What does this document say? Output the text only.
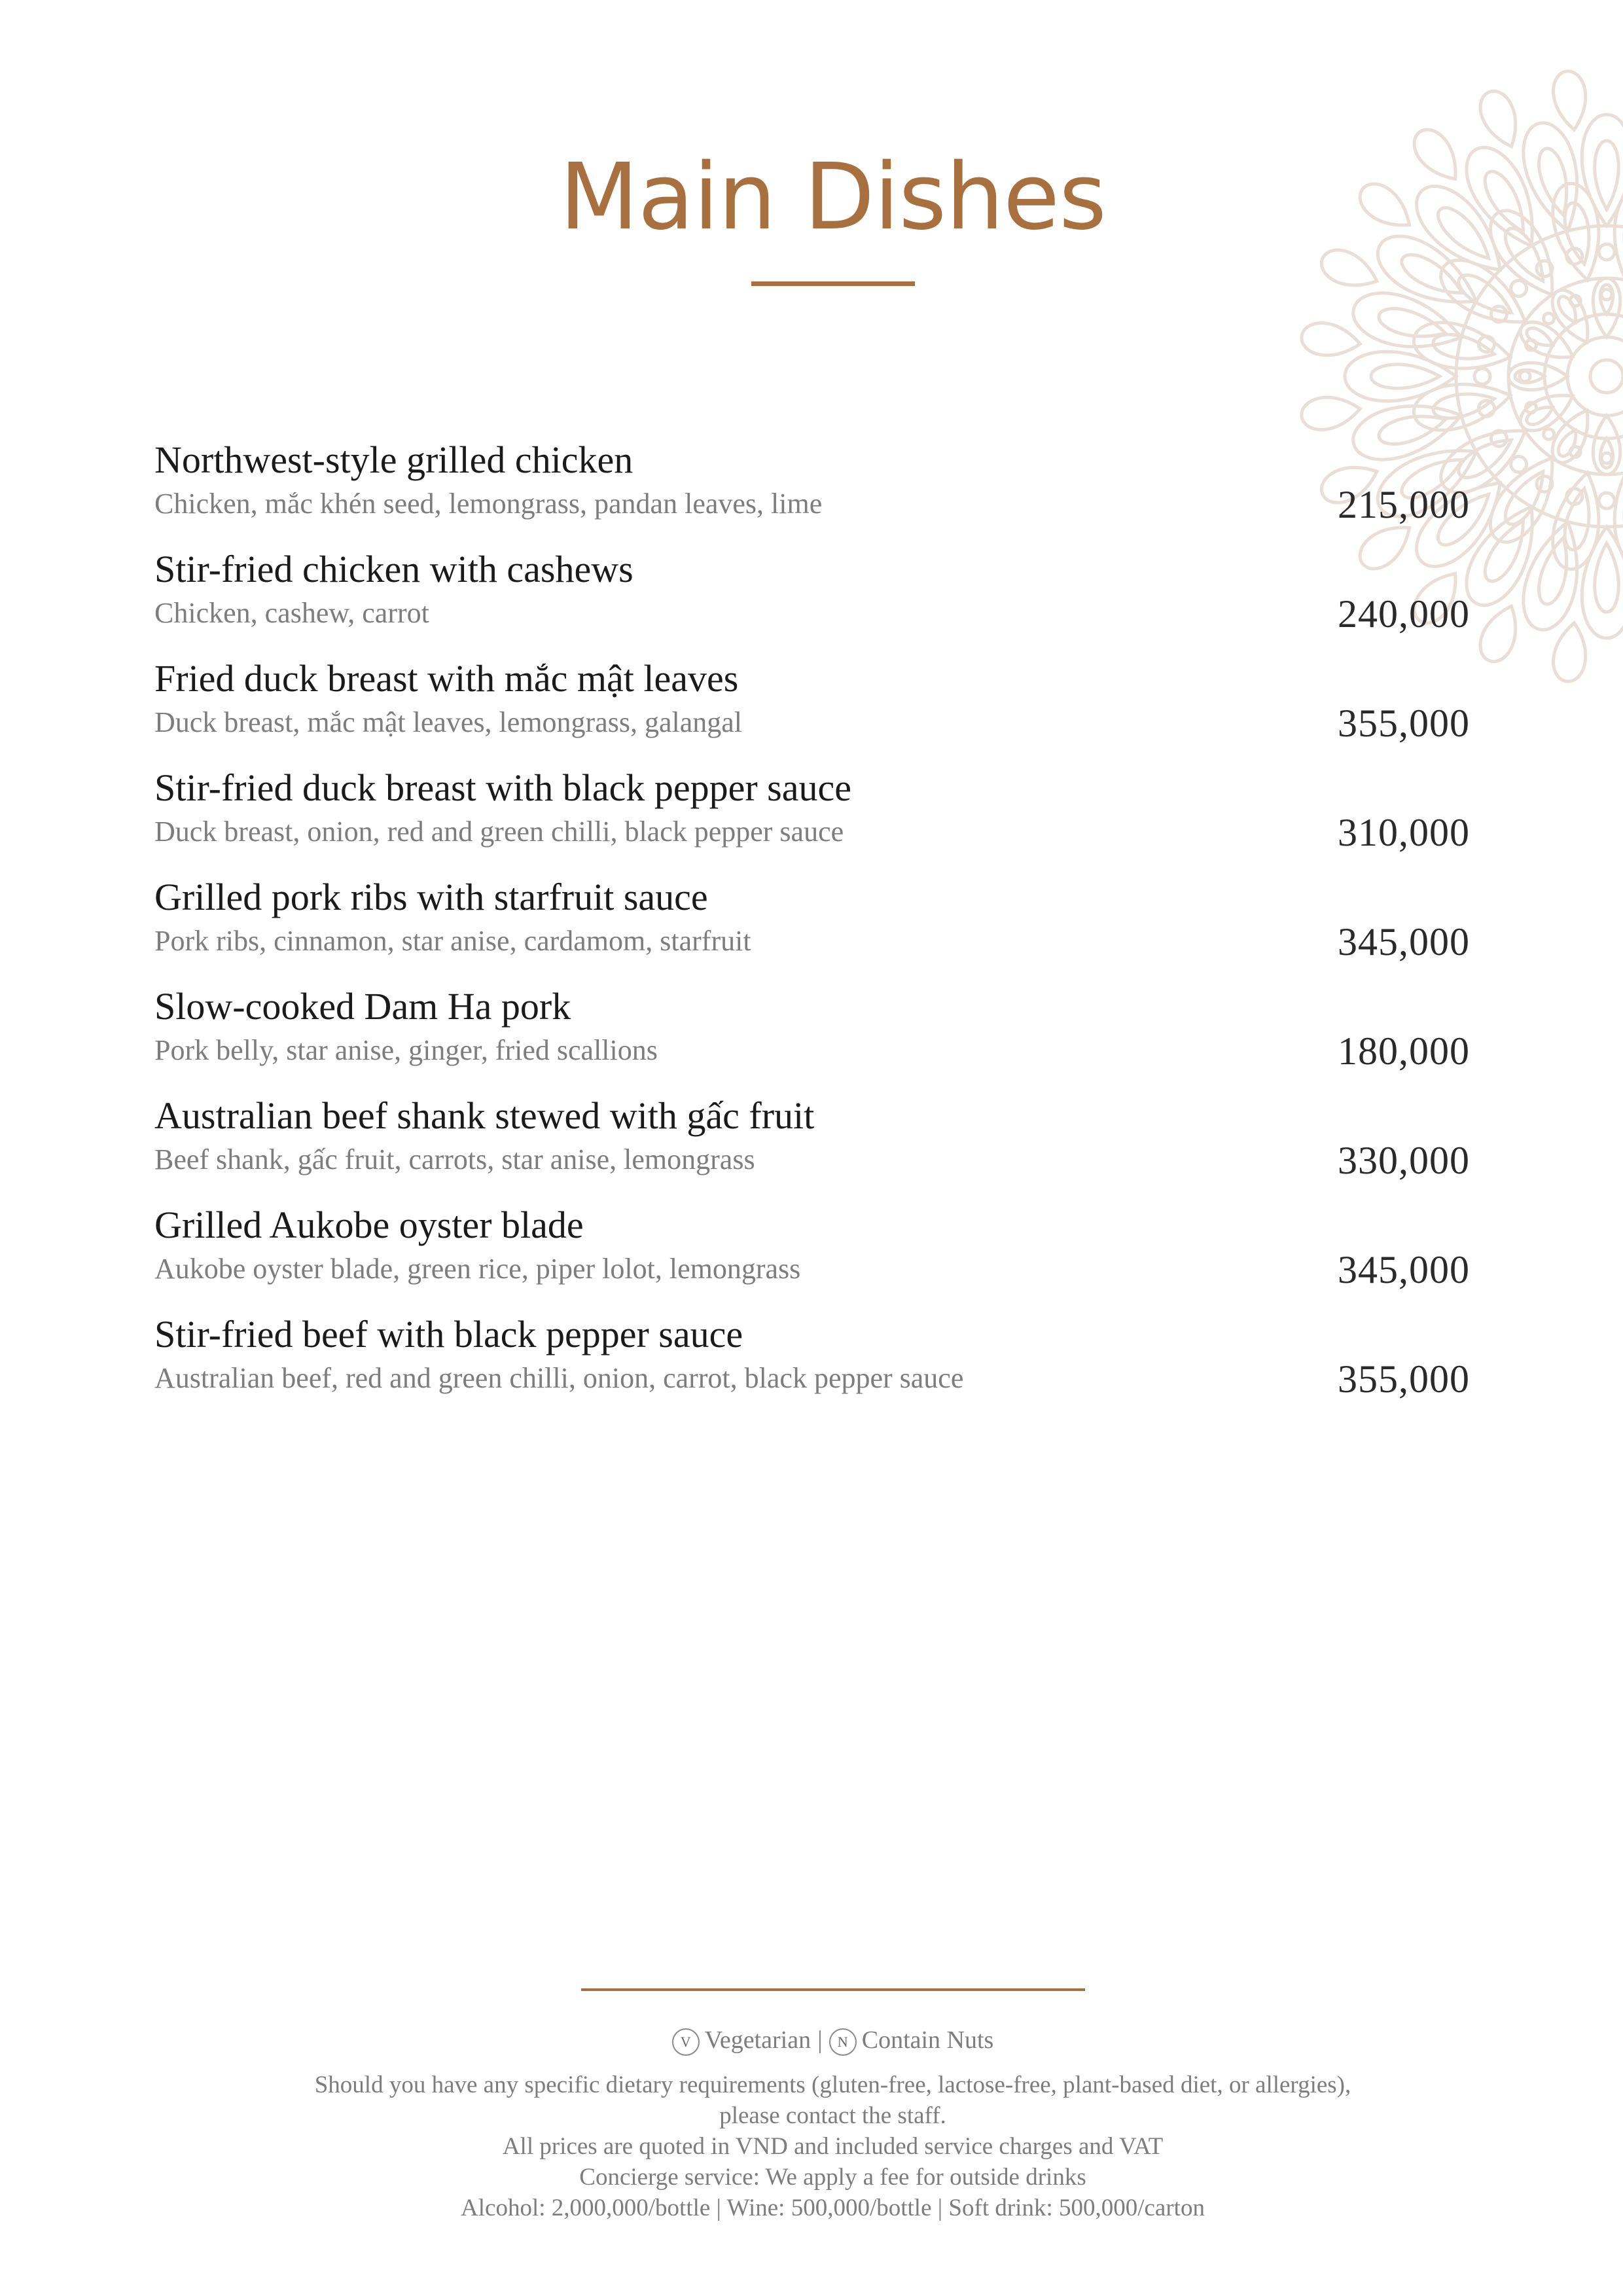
Main Dishes
Northwest-style grilled chicken
Chicken, mắc khén seed, lemongrass, pandan leaves, lime	215,000
Stir-fried chicken with cashews
Chicken, cashew, carrot	240,000
Fried duck breast with mắc mật leaves
Duck breast, mắc mật leaves, lemongrass, galangal	355,000
Stir-fried duck breast with black pepper sauce
Duck breast, onion, red and green chilli, black pepper sauce	310,000
Grilled pork ribs with starfruit sauce
Pork ribs, cinnamon, star anise, cardamom, starfruit	345,000
Slow-cooked Dam Ha pork
Pork belly, star anise, ginger, fried scallions	180,000
Australian beef shank stewed with gấc fruit
Beef shank, gấc fruit, carrots, star anise, lemongrass	330,000
Grilled Aukobe oyster blade
Aukobe oyster blade, green rice, piper lolot, lemongrass	345,000
Stir-fried beef with black pepper sauce
Australian beef, red and green chilli, onion, carrot, black pepper sauce	355,000
V Vegetarian | N Contain Nuts
Should you have any specific dietary requirements (gluten-free, lactose-free, plant-based diet, or allergies),
please contact the staff.
All prices are quoted in VND and included service charges and VAT
Concierge service: We apply a fee for outside drinks
Alcohol: 2,000,000/bottle | Wine: 500,000/bottle | Soft drink: 500,000/carton
